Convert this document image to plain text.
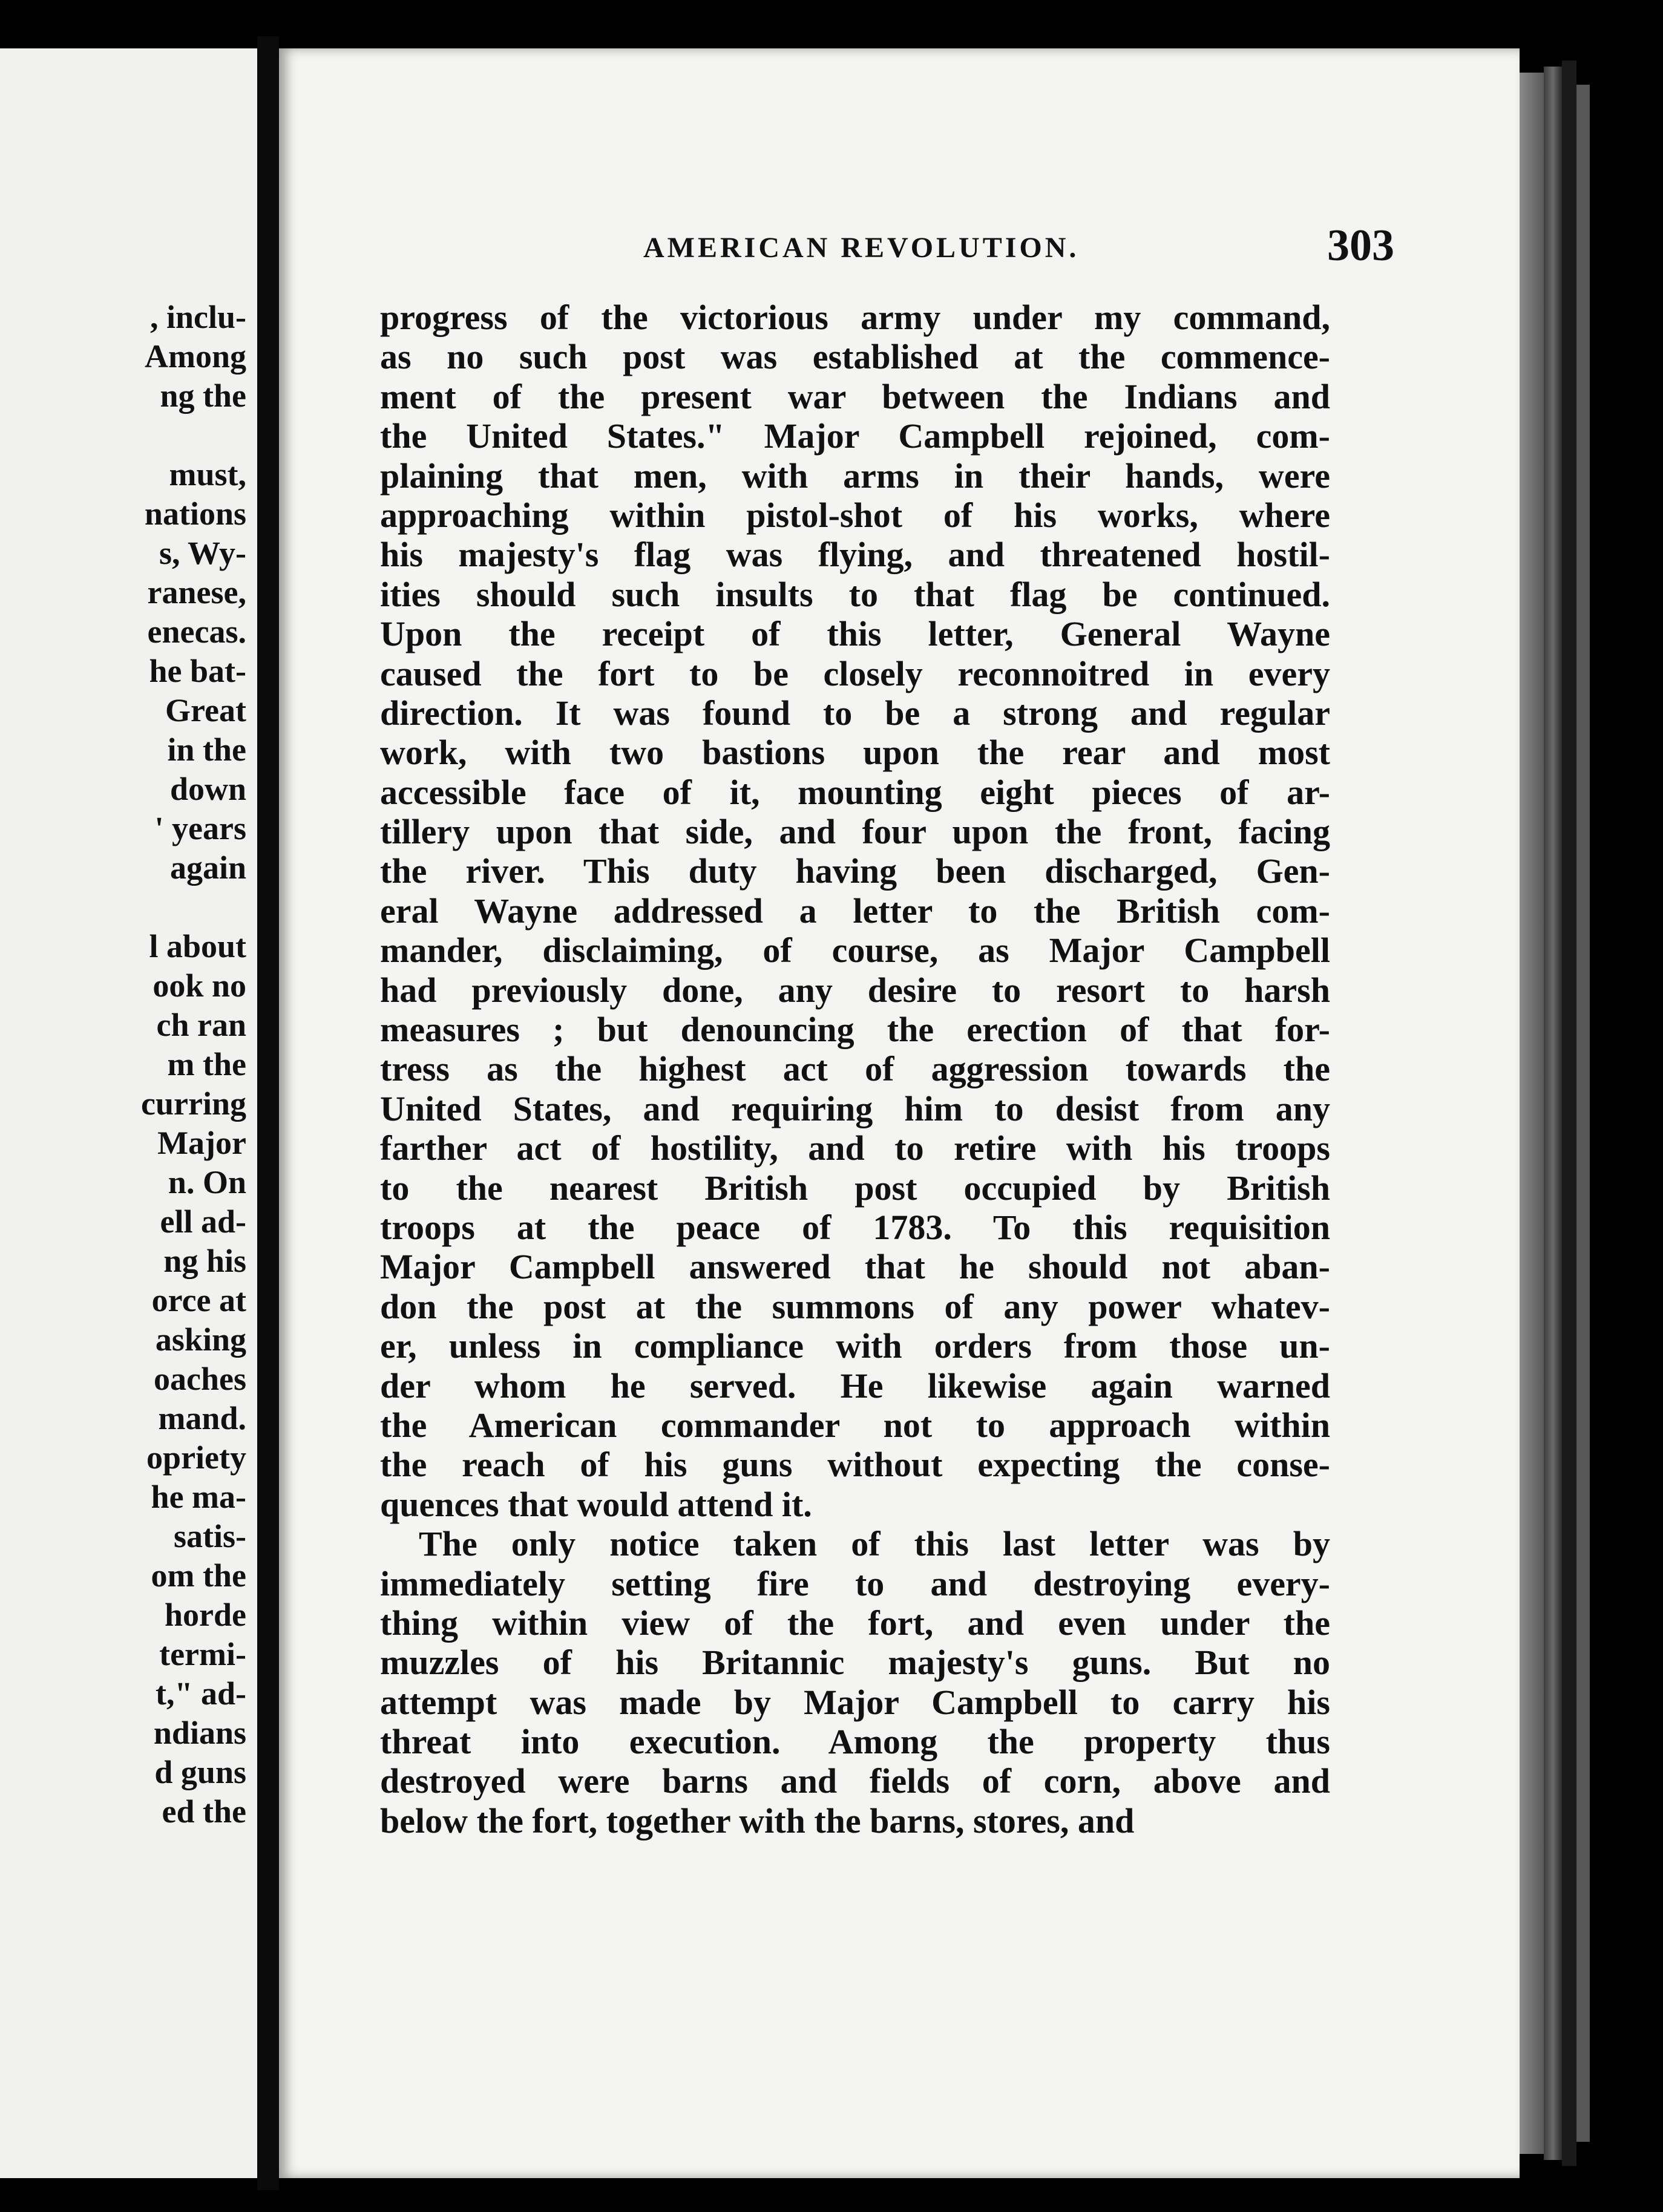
, inclu-
Among
ng the
must,
nations
s, Wy-
ranese,
enecas.
he bat-
Great
in the
down
' years
again
l about
ook no
ch ran
m the
curring
Major
n. On
ell ad-
ng his
orce at
asking
oaches
mand.
opriety
he ma-
satis-
om the
horde
termi-
t," ad-
ndians
d guns
ed the
AMERICAN REVOLUTION.	303
progress of the victorious army under my command,
as no such post was established at the commence-
ment of the present war between the Indians and
the United States." Major Campbell rejoined, com-
plaining that men, with arms in their hands, were
approaching within pistol-shot of his works, where
his majesty's flag was flying, and threatened hostil-
ities should such insults to that flag be continued.
Upon the receipt of this letter, General Wayne
caused the fort to be closely reconnoitred in every
direction. It was found to be a strong and regular
work, with two bastions upon the rear and most
accessible face of it, mounting eight pieces of ar-
tillery upon that side, and four upon the front, facing
the river. This duty having been discharged, Gen-
eral Wayne addressed a letter to the British com-
mander, disclaiming, of course, as Major Campbell
had previously done, any desire to resort to harsh
measures ; but denouncing the erection of that for-
tress as the highest act of aggression towards the
United States, and requiring him to desist from any
farther act of hostility, and to retire with his troops
to the nearest British post occupied by British
troops at the peace of 1783. To this requisition
Major Campbell answered that he should not aban-
don the post at the summons of any power whatev-
er, unless in compliance with orders from those un-
der whom he served. He likewise again warned
the American commander not to approach within
the reach of his guns without expecting the conse-
quences that would attend it.
The only notice taken of this last letter was by
immediately setting fire to and destroying every-
thing within view of the fort, and even under the
muzzles of his Britannic majesty's guns. But no
attempt was made by Major Campbell to carry his
threat into execution. Among the property thus
destroyed were barns and fields of corn, above and
below the fort, together with the barns, stores, and
